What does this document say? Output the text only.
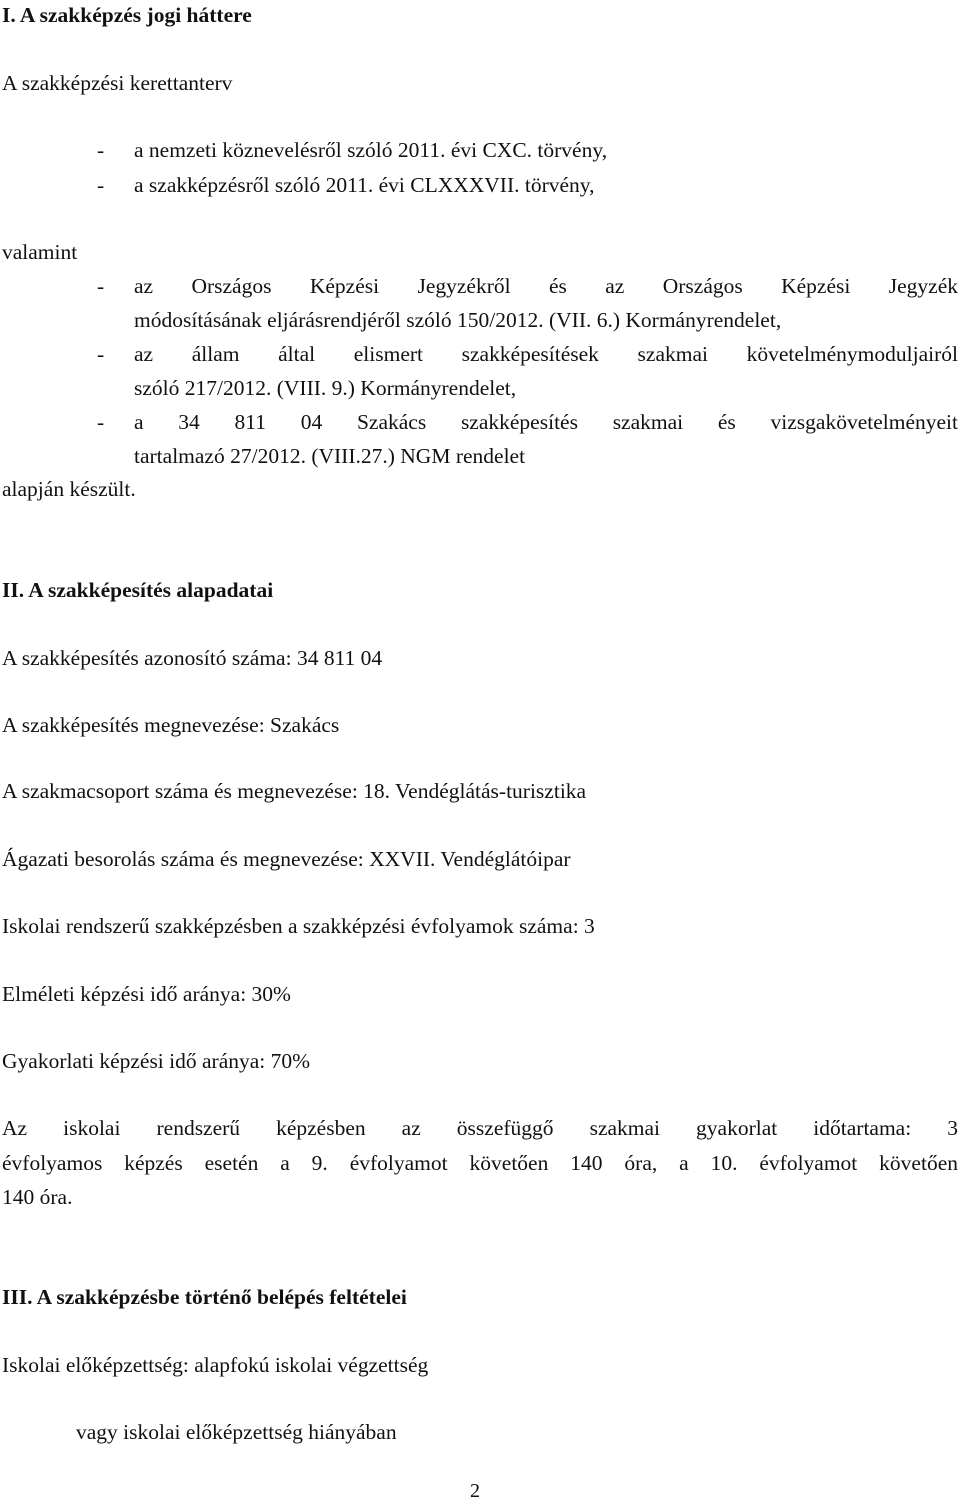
I. A szakképzés jogi háttere
A szakképzési kerettanterv
- a nemzeti köznevelésről szóló 2011. évi CXC. törvény,
- a szakképzésről szóló 2011. évi CLXXXVII. törvény,
valamint
- az Országos Képzési Jegyzékről és az Országos Képzési Jegyzék
módosításának eljárásrendjéről szóló 150/2012. (VII. 6.) Kormányrendelet,
- az állam által elismert szakképesítések szakmai követelménymoduljairól
szóló 217/2012. (VIII. 9.) Kormányrendelet,
- a 34 811 04 Szakács szakképesítés szakmai és vizsgakövetelményeit
tartalmazó 27/2012. (VIII.27.) NGM rendelet
alapján készült.
II. A szakképesítés alapadatai
A szakképesítés azonosító száma: 34 811 04
A szakképesítés megnevezése: Szakács
A szakmacsoport száma és megnevezése: 18. Vendéglátás-turisztika
Ágazati besorolás száma és megnevezése: XXVII. Vendéglátóipar
Iskolai rendszerű szakképzésben a szakképzési évfolyamok száma: 3
Elméleti képzési idő aránya: 30%
Gyakorlati képzési idő aránya: 70%
Az iskolai rendszerű képzésben az összefüggő szakmai gyakorlat időtartama: 3
évfolyamos képzés esetén a 9. évfolyamot követően 140 óra, a 10. évfolyamot követően
140 óra.
III. A szakképzésbe történő belépés feltételei
Iskolai előképzettség: alapfokú iskolai végzettség
vagy iskolai előképzettség hiányában
2
